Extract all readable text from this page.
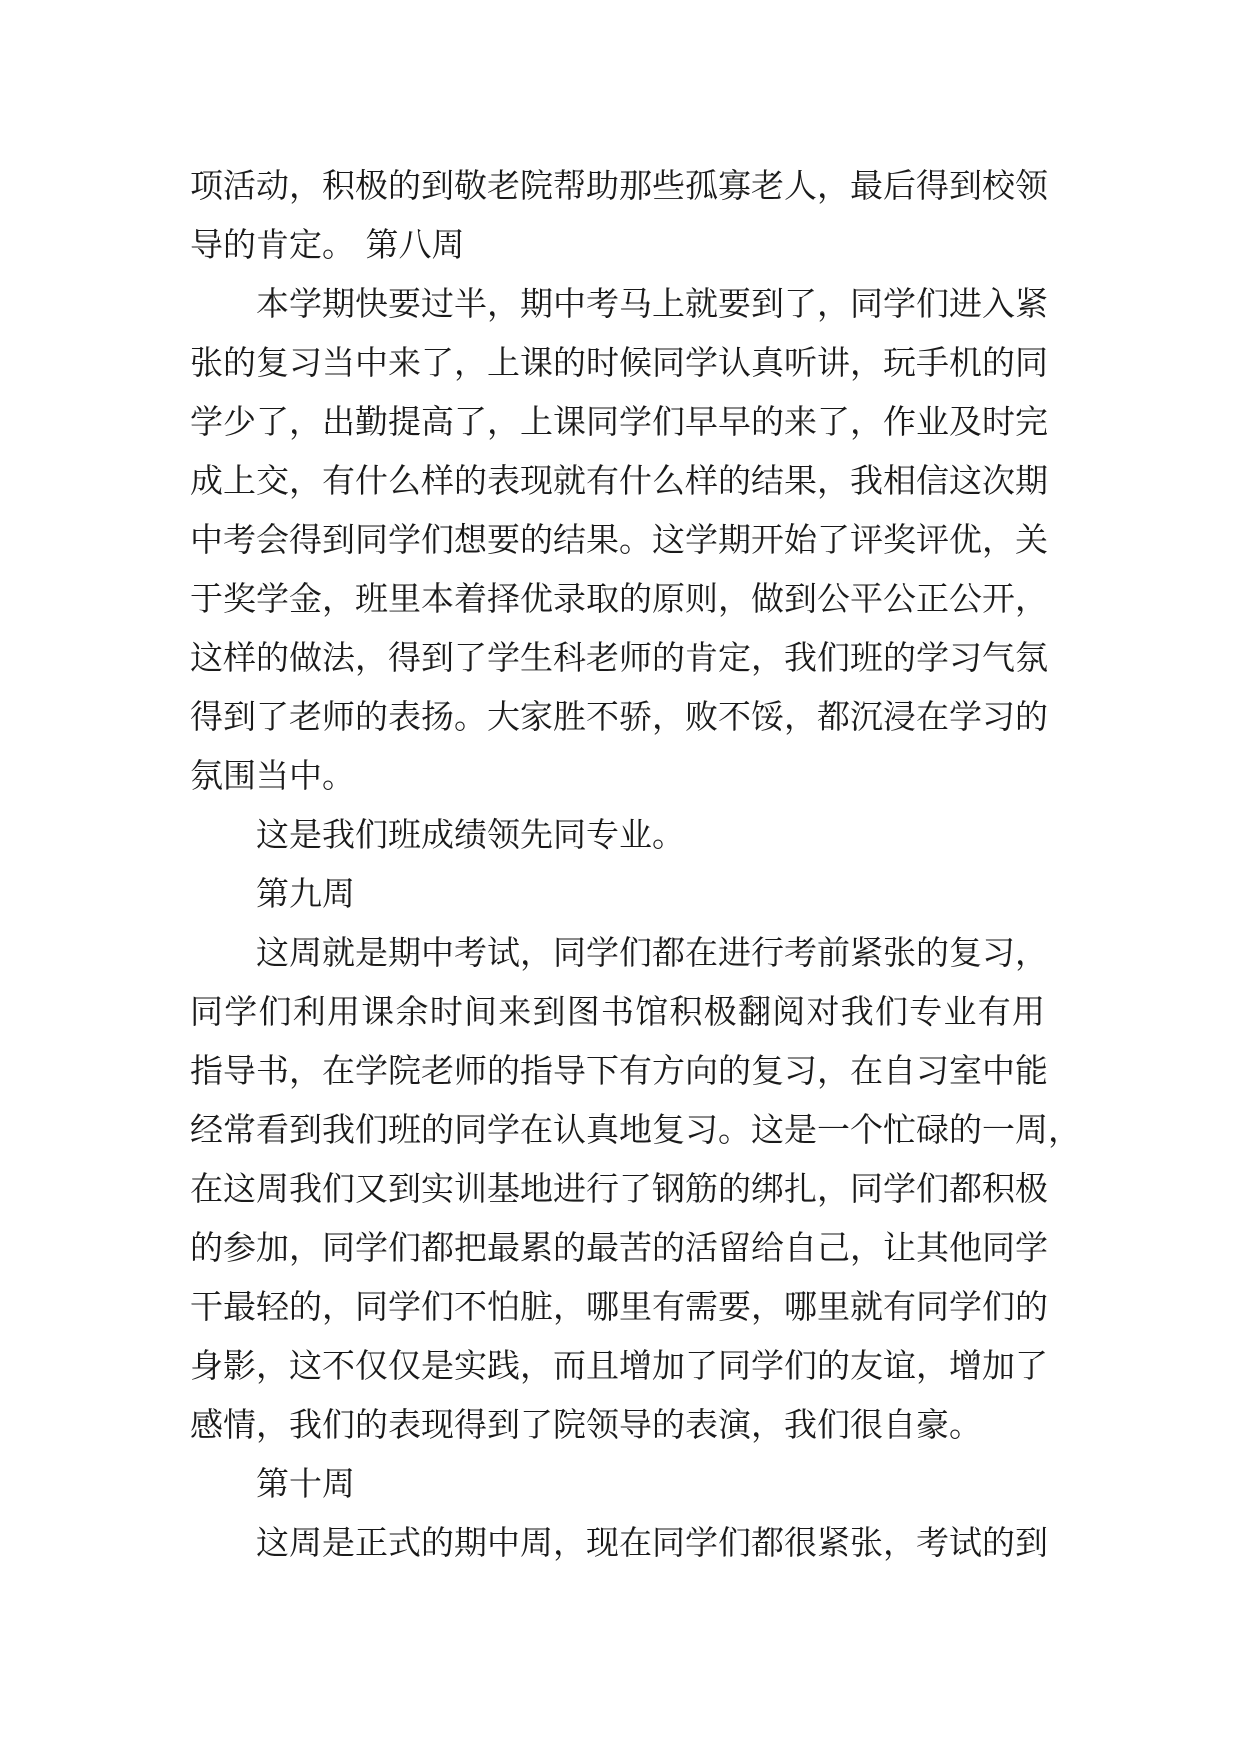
项活动，积极的到敬老院帮助那些孤寡老人，最后得到校领
导的肯定。 第八周
本学期快要过半，期中考马上就要到了，同学们进入紧
张的复习当中来了，上课的时候同学认真听讲，玩手机的同
学少了，出勤提高了，上课同学们早早的来了，作业及时完
成上交，有什么样的表现就有什么样的结果，我相信这次期
中考会得到同学们想要的结果。这学期开始了评奖评优，关
于奖学金，班里本着择优录取的原则，做到公平公正公开，
这样的做法，得到了学生科老师的肯定，我们班的学习气氛
得到了老师的表扬。大家胜不骄，败不馁，都沉浸在学习的
氛围当中。
这是我们班成绩领先同专业。
第九周
这周就是期中考试，同学们都在进行考前紧张的复习，
同学们利用课余时间来到图书馆积极翻阅对我们专业有用
指导书，在学院老师的指导下有方向的复习，在自习室中能
经常看到我们班的同学在认真地复习。这是一个忙碌的一周，
在这周我们又到实训基地进行了钢筋的绑扎，同学们都积极
的参加，同学们都把最累的最苦的活留给自己，让其他同学
干最轻的，同学们不怕脏，哪里有需要，哪里就有同学们的
身影，这不仅仅是实践，而且增加了同学们的友谊，增加了
感情，我们的表现得到了院领导的表演，我们很自豪。
第十周
这周是正式的期中周，现在同学们都很紧张，考试的到
